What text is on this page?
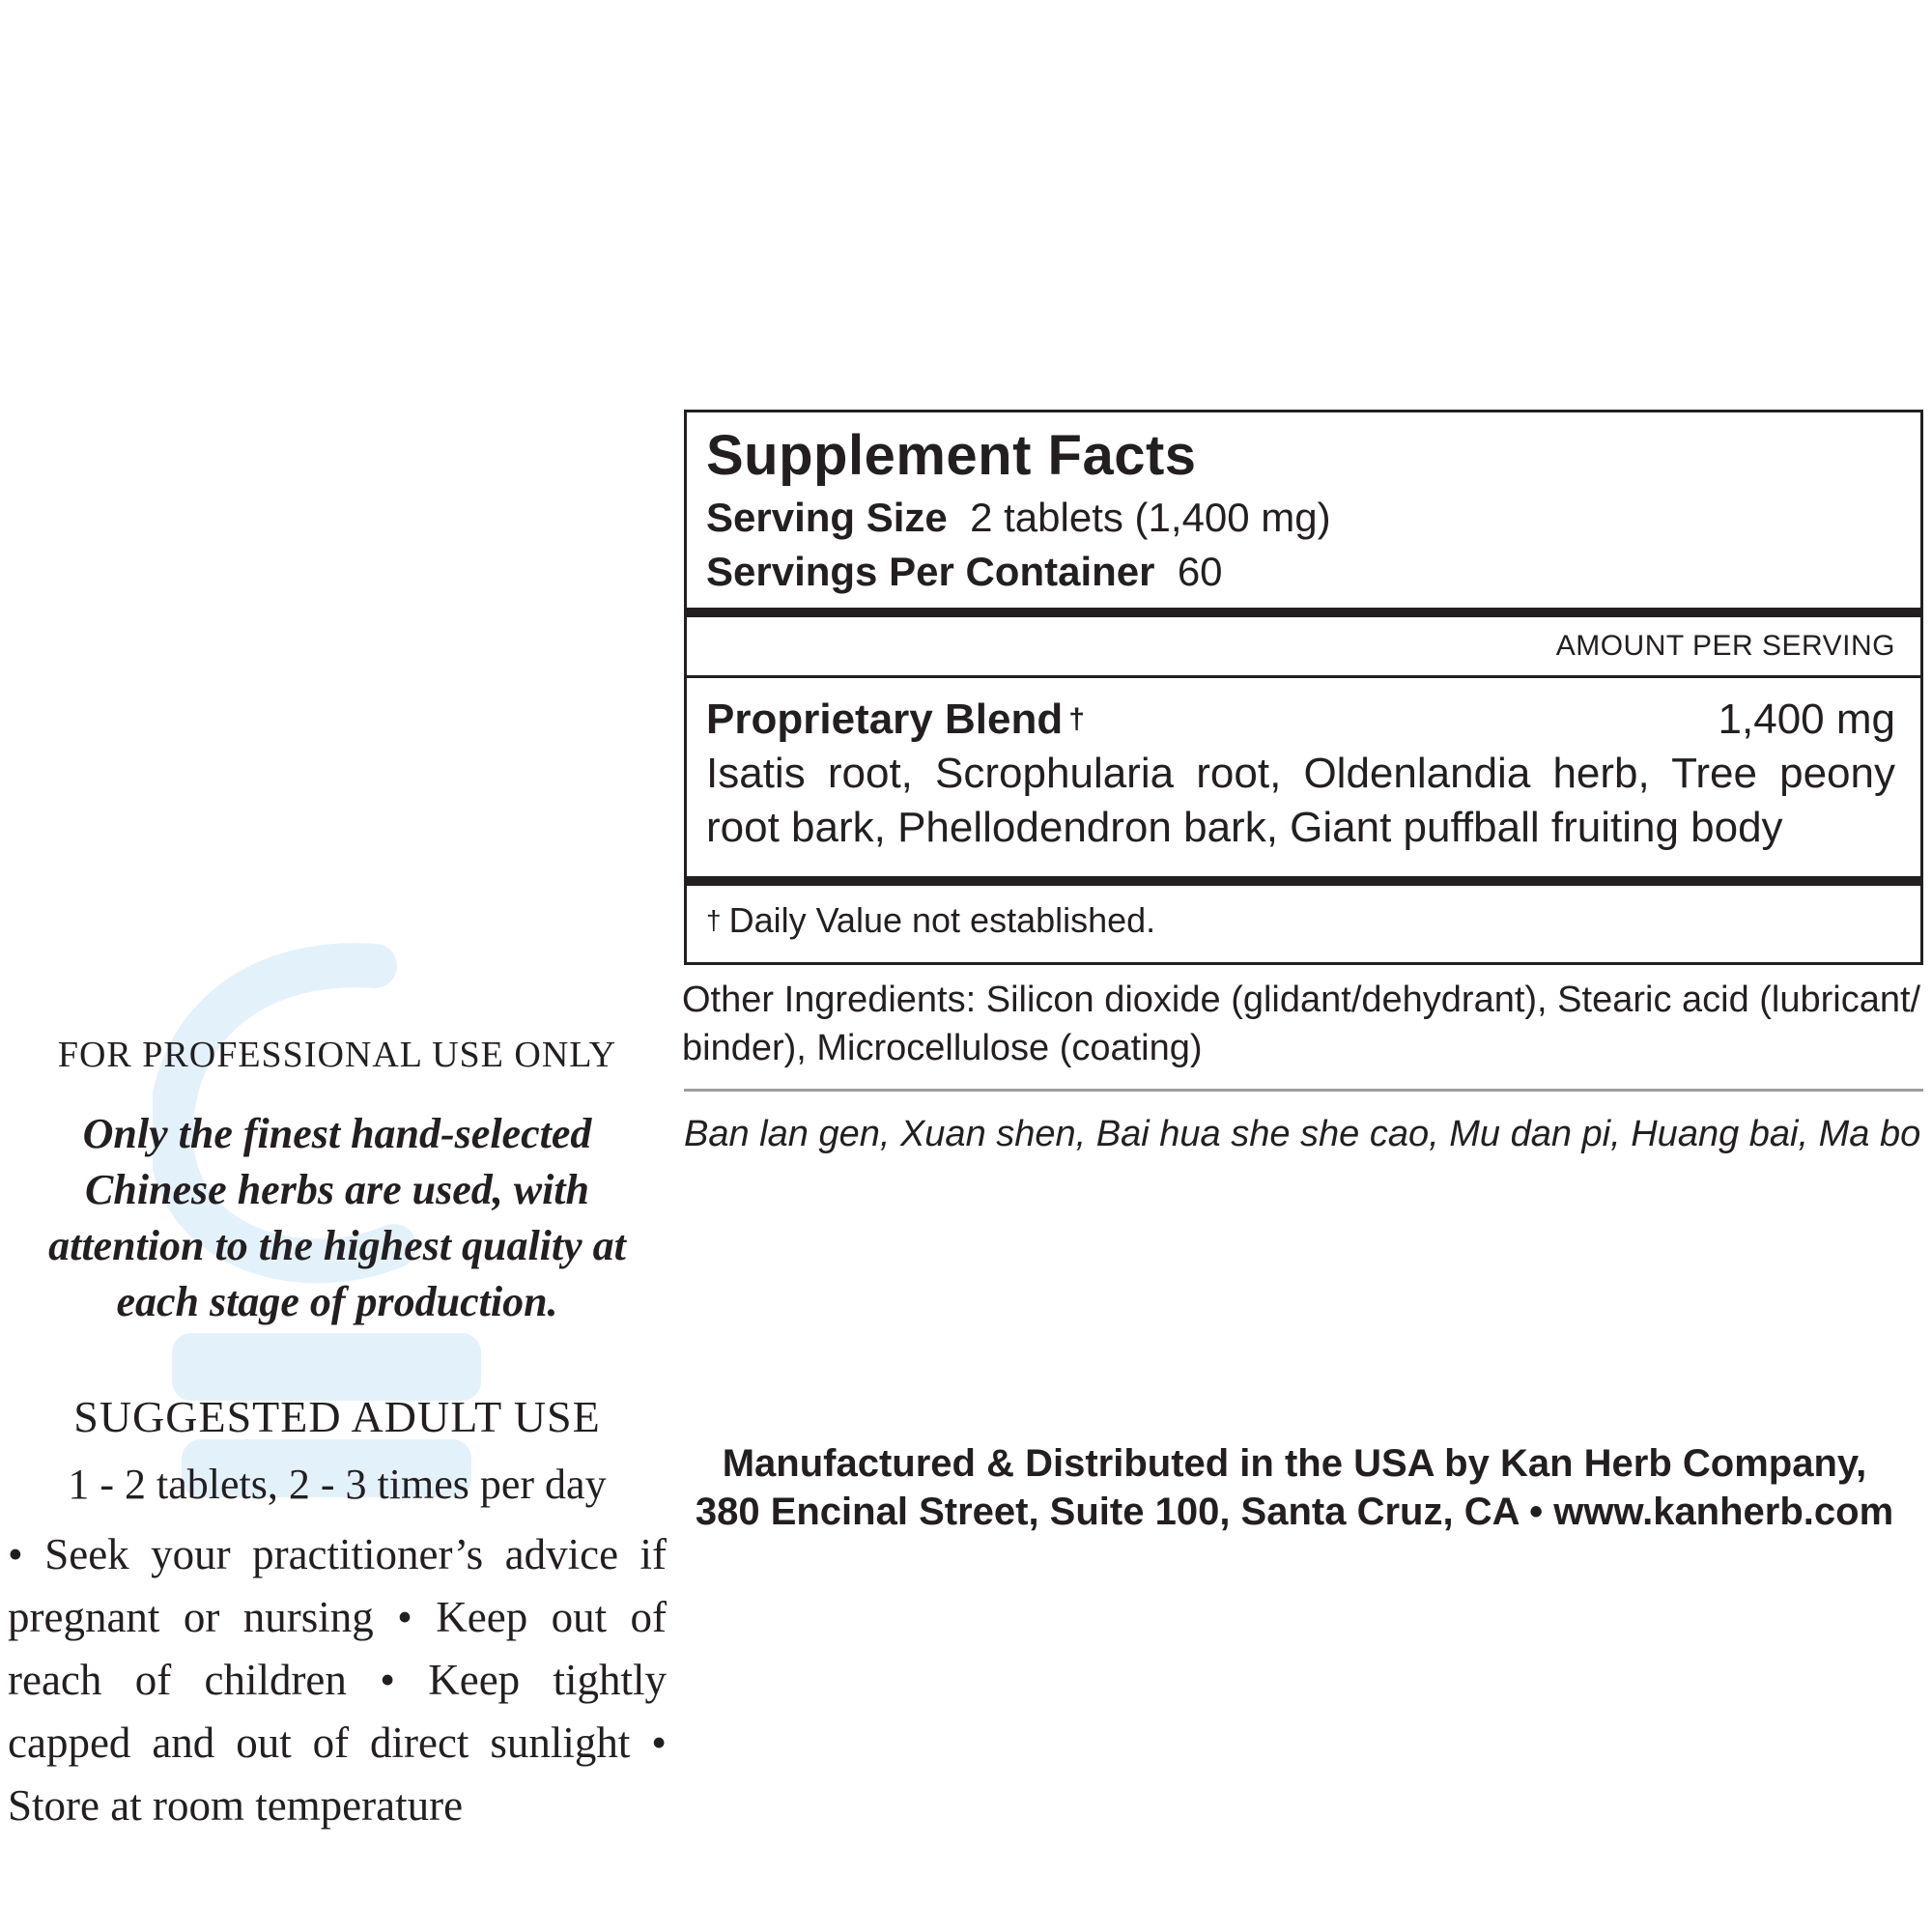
FOR PROFESSIONAL USE ONLY

Only the finest hand-selected Chinese herbs are used, with attention to the highest quality at each stage of production.

SUGGESTED ADULT USE

1 - 2 tablets, 2 - 3 times per day

• Seek your practitioner’s advice if pregnant or nursing • Keep out of reach of children • Keep tightly capped and out of direct sunlight • Store at room temperature

Supplement Facts

Serving Size 2 tablets (1,400 mg)

Servings Per Container 60

AMOUNT PER SERVING

Proprietary Blend †	1,400 mg

Isatis root, Scrophularia root, Oldenlandia herb, Tree peony root bark, Phellodendron bark, Giant puffball fruiting body

† Daily Value not established.

Other Ingredients: Silicon dioxide (glidant/dehydrant), Stearic acid (lubricant/ binder), Microcellulose (coating)

Ban lan gen, Xuan shen, Bai hua she she cao, Mu dan pi, Huang bai, Ma bo

Manufactured & Distributed in the USA by Kan Herb Company,
380 Encinal Street, Suite 100, Santa Cruz, CA • www.kanherb.com
